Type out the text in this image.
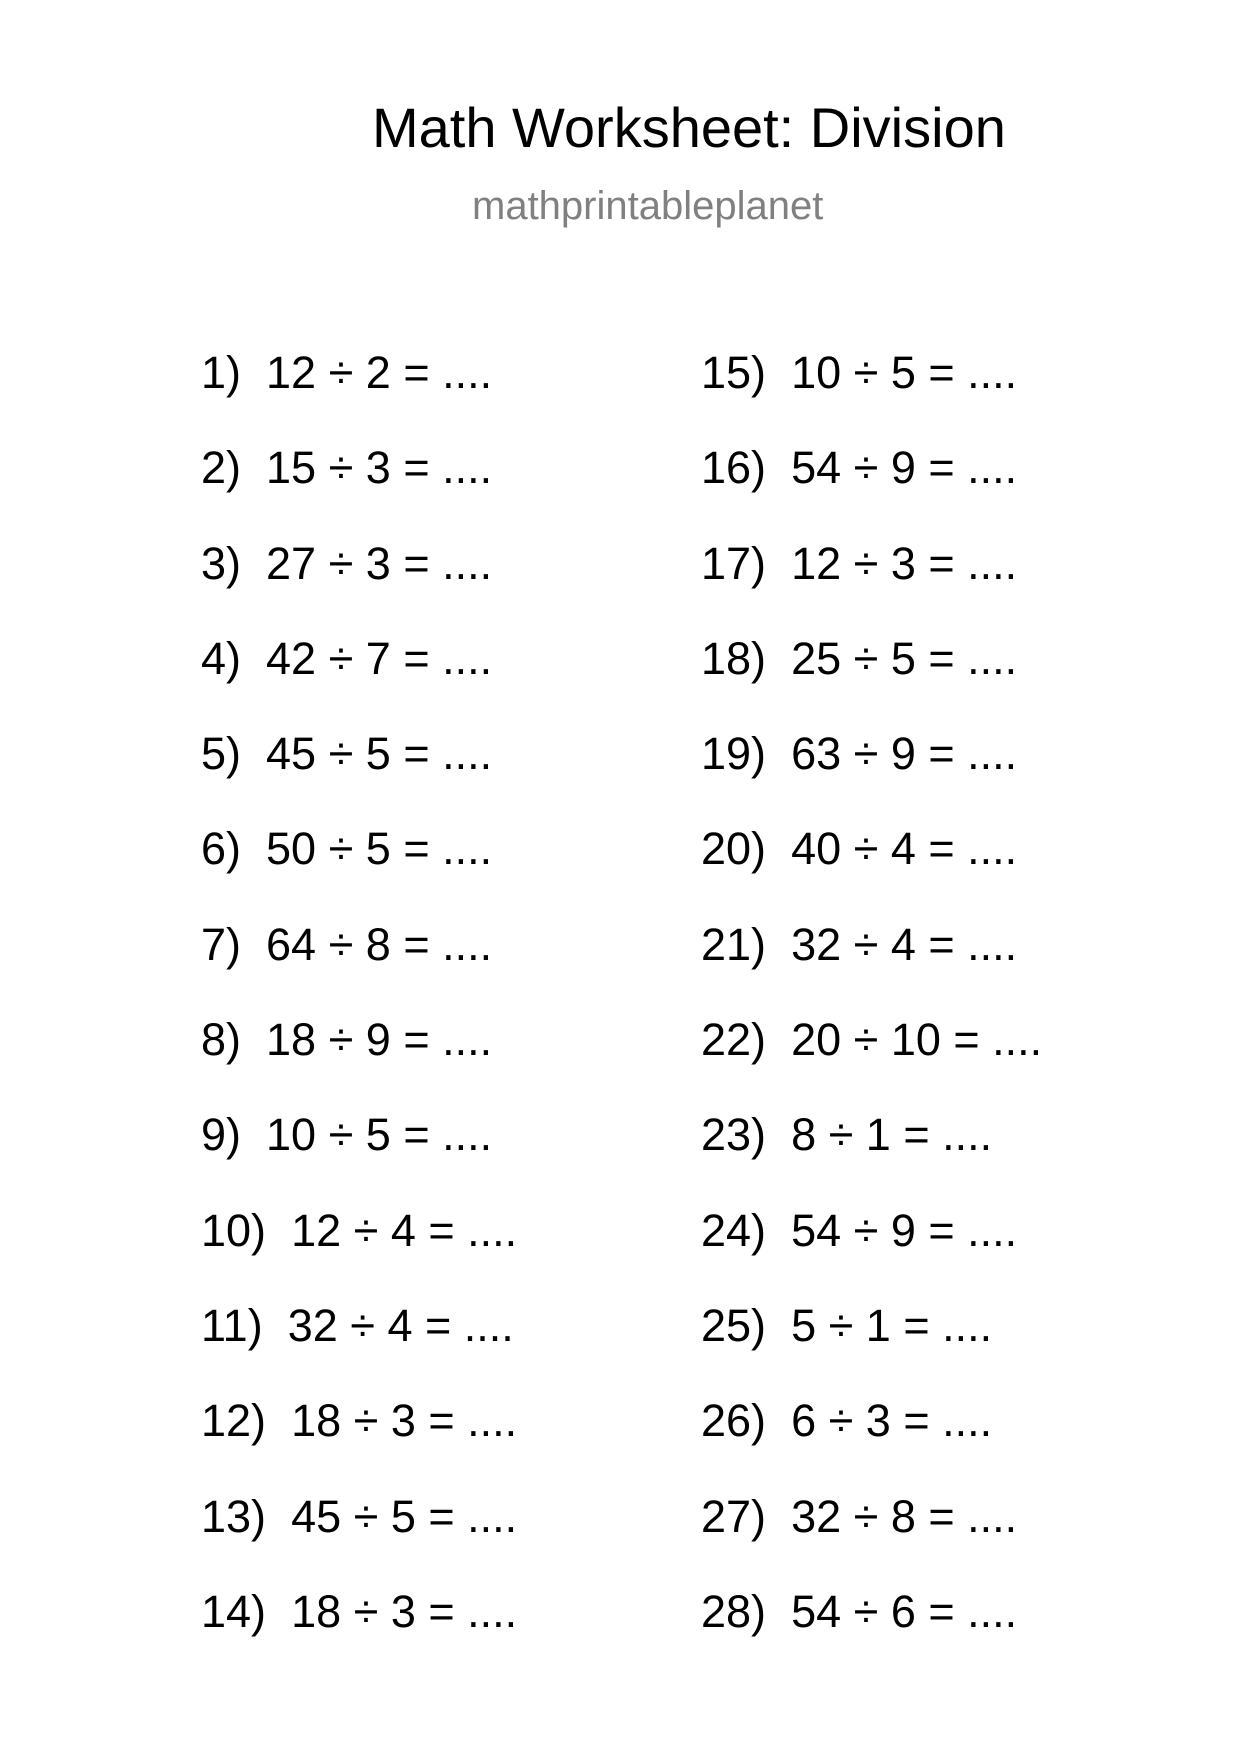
Math Worksheet: Division
mathprintableplanet
1) 12 ÷ 2 = ....
2) 15 ÷ 3 = ....
3) 27 ÷ 3 = ....
4) 42 ÷ 7 = ....
5) 45 ÷ 5 = ....
6) 50 ÷ 5 = ....
7) 64 ÷ 8 = ....
8) 18 ÷ 9 = ....
9) 10 ÷ 5 = ....
10) 12 ÷ 4 = ....
11) 32 ÷ 4 = ....
12) 18 ÷ 3 = ....
13) 45 ÷ 5 = ....
14) 18 ÷ 3 = ....
15) 10 ÷ 5 = ....
16) 54 ÷ 9 = ....
17) 12 ÷ 3 = ....
18) 25 ÷ 5 = ....
19) 63 ÷ 9 = ....
20) 40 ÷ 4 = ....
21) 32 ÷ 4 = ....
22) 20 ÷ 10 = ....
23) 8 ÷ 1 = ....
24) 54 ÷ 9 = ....
25) 5 ÷ 1 = ....
26) 6 ÷ 3 = ....
27) 32 ÷ 8 = ....
28) 54 ÷ 6 = ....
